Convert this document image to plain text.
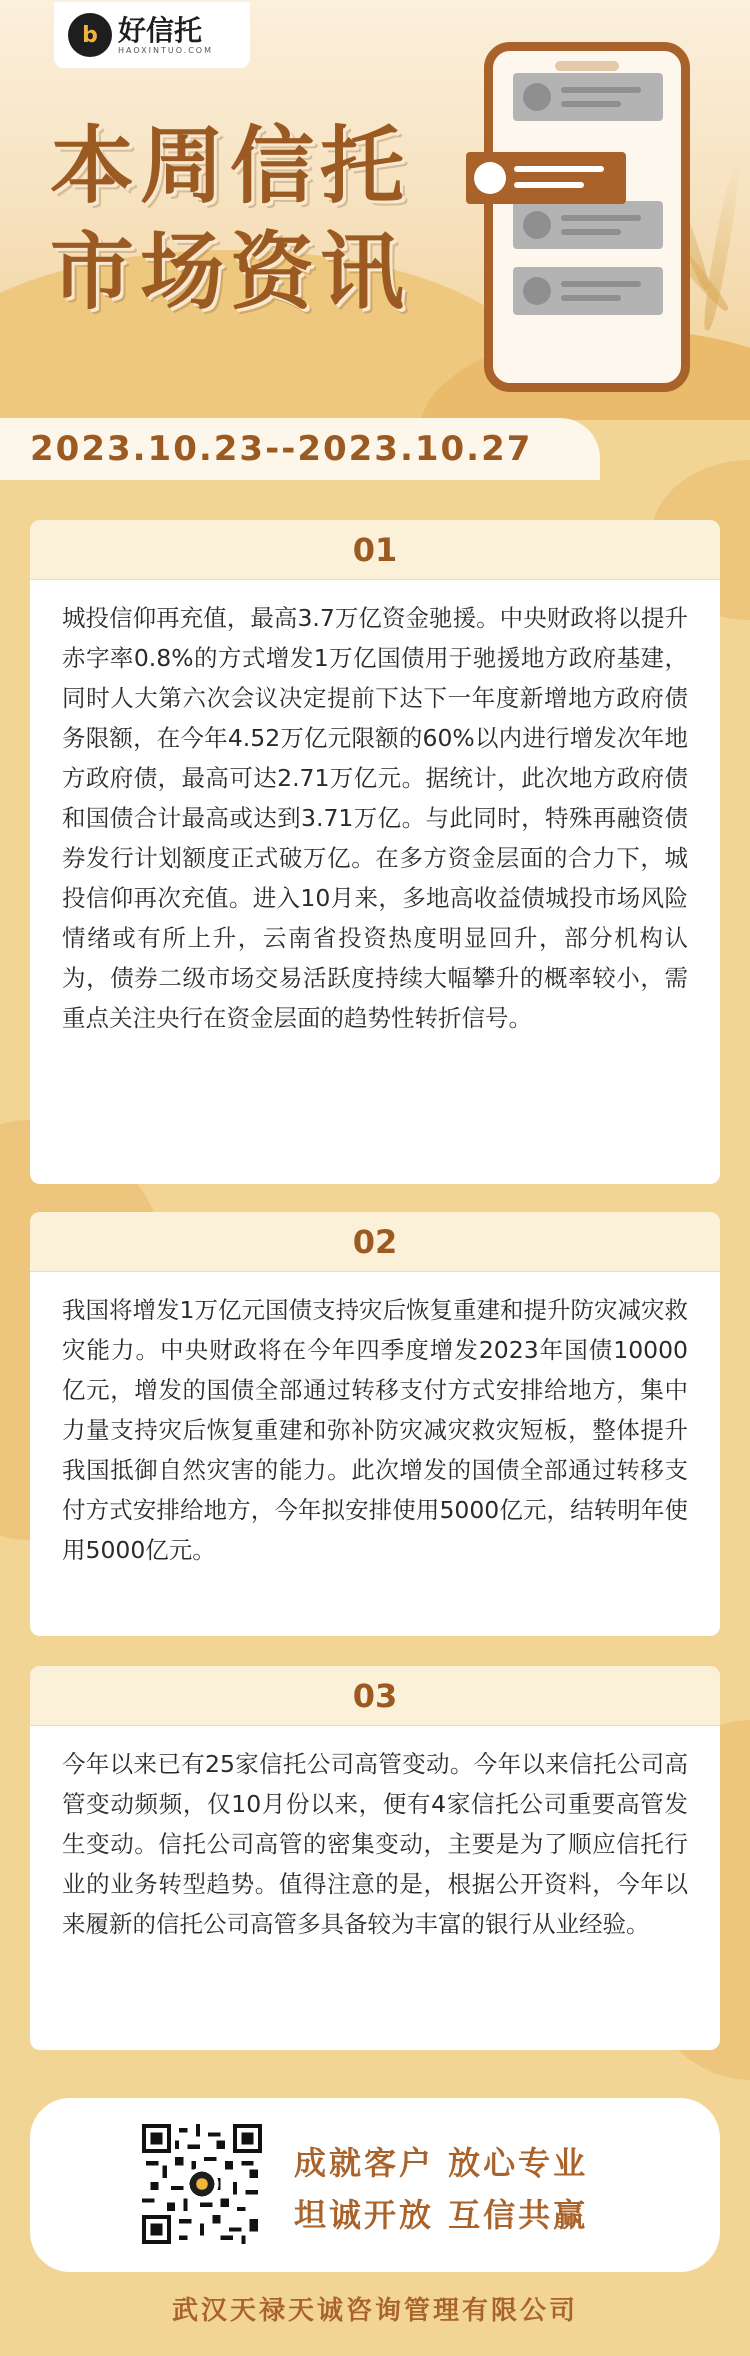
b 好信托
HAOXINTUO.COM
本周信托
市场资讯
2023.10.23--2023.10.27
01
城投信仰再充值，最高3.7万亿资金驰援。中央财政将以提升赤字率0.8%的方式增发1万亿国债用于驰援地方政府基建，同时人大第六次会议决定提前下达下一年度新增地方政府债务限额，在今年4.52万亿元限额的60%以内进行增发次年地方政府债，最高可达2.71万亿元。据统计，此次地方政府债和国债合计最高或达到3.71万亿。与此同时，特殊再融资债券发行计划额度正式破万亿。在多方资金层面的合力下，城投信仰再次充值。进入10月来，多地高收益债城投市场风险情绪或有所上升，云南省投资热度明显回升，部分机构认为，债券二级市场交易活跃度持续大幅攀升的概率较小，需重点关注央行在资金层面的趋势性转折信号。
02
我国将增发1万亿元国债支持灾后恢复重建和提升防灾减灾救灾能力。中央财政将在今年四季度增发2023年国债10000亿元，增发的国债全部通过转移支付方式安排给地方，集中力量支持灾后恢复重建和弥补防灾减灾救灾短板，整体提升我国抵御自然灾害的能力。此次增发的国债全部通过转移支付方式安排给地方，今年拟安排使用5000亿元，结转明年使用5000亿元。
03
今年以来已有25家信托公司高管变动。今年以来信托公司高管变动频频，仅10月份以来，便有4家信托公司重要高管发生变动。信托公司高管的密集变动，主要是为了顺应信托行业的业务转型趋势。值得注意的是，根据公开资料，今年以来履新的信托公司高管多具备较为丰富的银行从业经验。
成就客户 放心专业
坦诚开放 互信共赢
武汉天禄天诚咨询管理有限公司
